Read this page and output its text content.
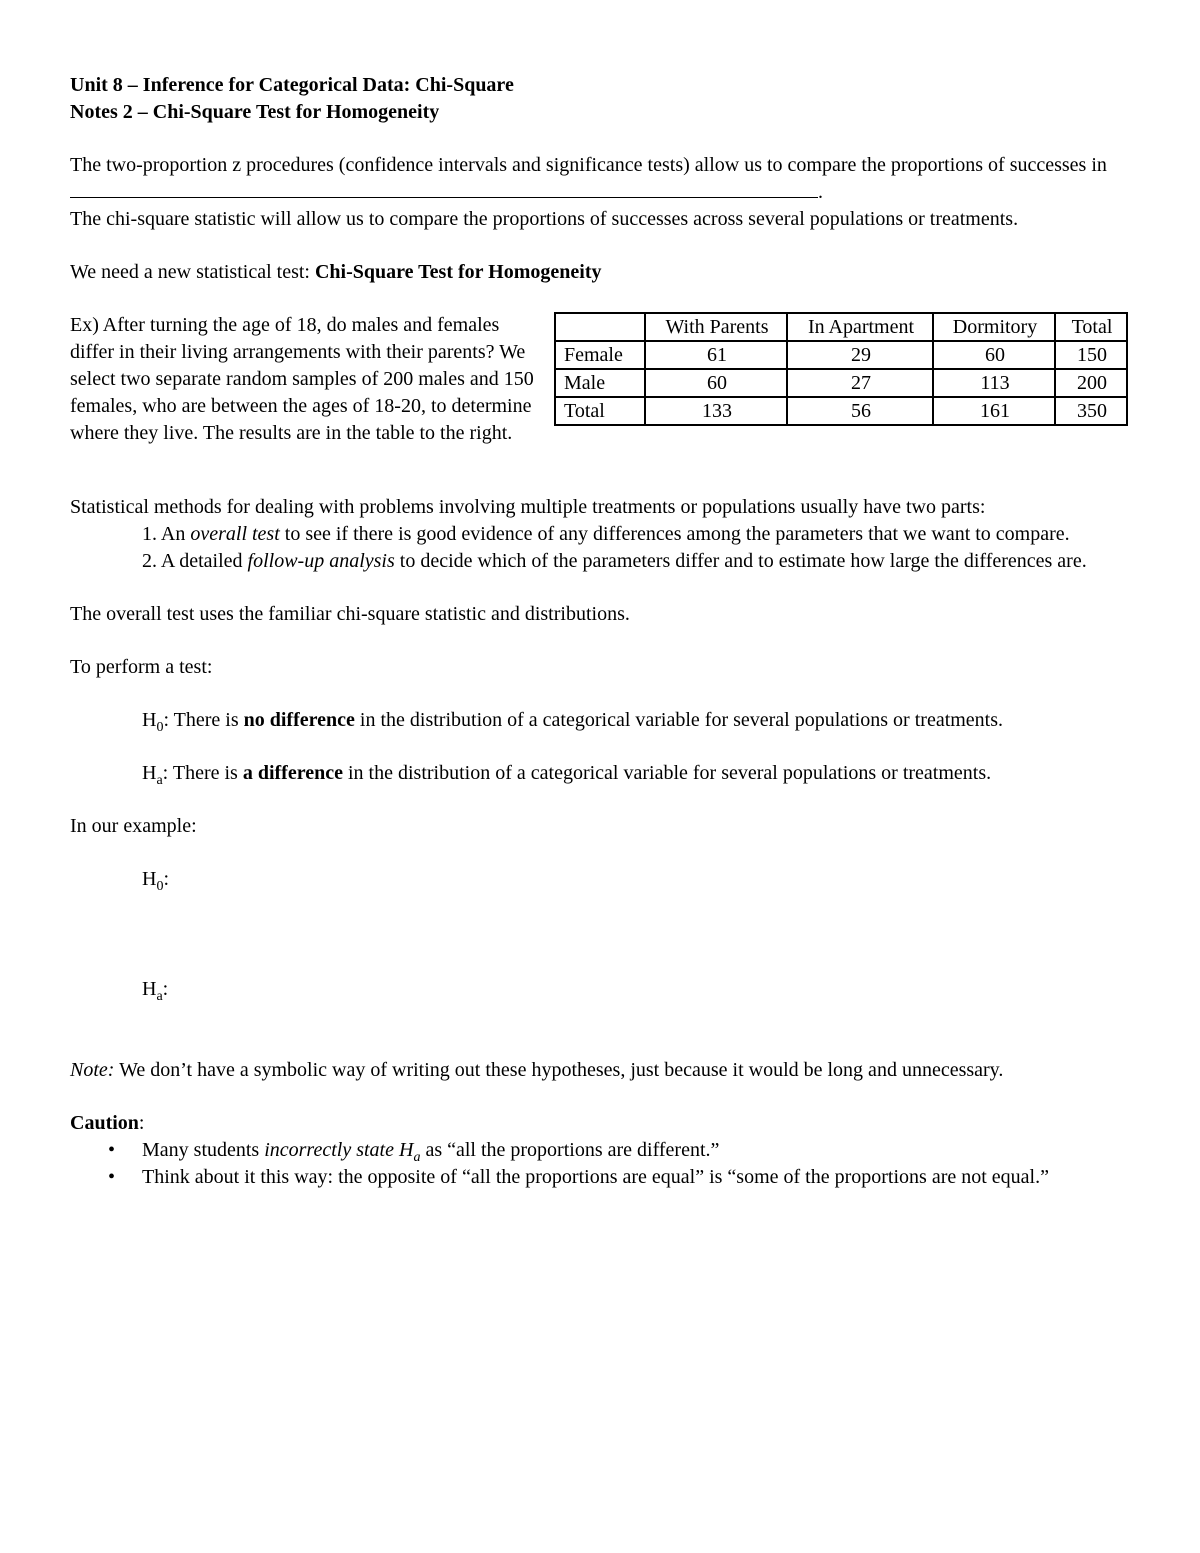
Unit 8 – Inference for Categorical Data: Chi-Square
Notes 2 – Chi-Square Test for Homogeneity

The two-proportion z procedures (confidence intervals and significance tests) allow us to compare the proportions of successes in .
The chi-square statistic will allow us to compare the proportions of successes across several populations or treatments.

We need a new statistical test: Chi-Square Test for Homogeneity

Ex) After turning the age of 18, do males and females differ in their living arrangements with their parents? We select two separate random samples of 200 males and 150 females, who are between the ages of 18-20, to determine where they live. The results are in the table to the right.

	With Parents	In Apartment	Dormitory	Total
Female	61	29	60	150
Male	60	27	113	200
Total	133	56	161	350

Statistical methods for dealing with problems involving multiple treatments or populations usually have two parts:

1. An overall test to see if there is good evidence of any differences among the parameters that we want to compare.

2. A detailed follow-up analysis to decide which of the parameters differ and to estimate how large the differences are.

The overall test uses the familiar chi-square statistic and distributions.

To perform a test:

$H_0$: There is no difference in the distribution of a categorical variable for several populations or treatments.

$H_a$: There is a difference in the distribution of a categorical variable for several populations or treatments.

In our example:

$H_0$:

$H_a$:

Note: We don’t have a symbolic way of writing out these hypotheses, just because it would be long and unnecessary.

Caution:

• Many students incorrectly state $H_a$ as “all the proportions are different.”
• Think about it this way: the opposite of “all the proportions are equal” is “some of the proportions are not equal.”
